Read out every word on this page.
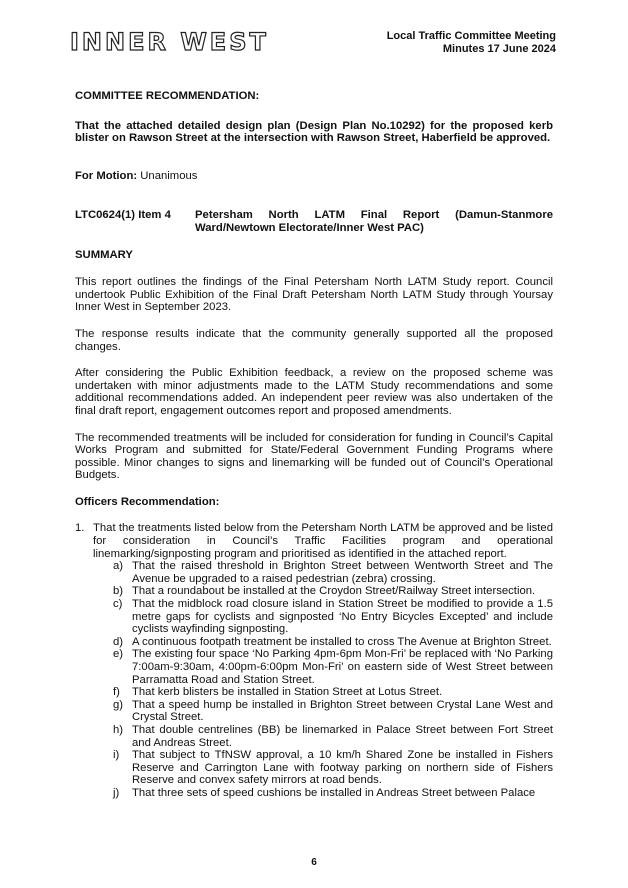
INNER WEST	Local Traffic Committee Meeting
Minutes 17 June 2024

COMMITTEE RECOMMENDATION:

That the attached detailed design plan (Design Plan No.10292) for the proposed kerb blister on Rawson Street at the intersection with Rawson Street, Haberfield be approved.

For Motion: Unanimous

LTC0624(1) Item 4	Petersham North LATM Final Report (Damun-Stanmore
Ward/Newtown Electorate/Inner West PAC)

SUMMARY

This report outlines the findings of the Final Petersham North LATM Study report. Council undertook Public Exhibition of the Final Draft Petersham North LATM Study through Yoursay Inner West in September 2023.

The response results indicate that the community generally supported all the proposed changes.

After considering the Public Exhibition feedback, a review on the proposed scheme was undertaken with minor adjustments made to the LATM Study recommendations and some additional recommendations added. An independent peer review was also undertaken of the final draft report, engagement outcomes report and proposed amendments.

The recommended treatments will be included for consideration for funding in Council’s Capital Works Program and submitted for State/Federal Government Funding Programs where possible. Minor changes to signs and linemarking will be funded out of Council’s Operational Budgets.

Officers Recommendation:

1. That the treatments listed below from the Petersham North LATM be approved and be listed for consideration in Council’s Traffic Facilities program and operational linemarking/signposting program and prioritised as identified in the attached report.
a) That the raised threshold in Brighton Street between Wentworth Street and The Avenue be upgraded to a raised pedestrian (zebra) crossing.
b) That a roundabout be installed at the Croydon Street/Railway Street intersection.
c) That the midblock road closure island in Station Street be modified to provide a 1.5 metre gaps for cyclists and signposted ‘No Entry Bicycles Excepted’ and include cyclists wayfinding signposting.
d) A continuous footpath treatment be installed to cross The Avenue at Brighton Street.
e) The existing four space ‘No Parking 4pm-6pm Mon-Fri’ be replaced with ‘No Parking 7:00am-9:30am, 4:00pm-6:00pm Mon-Fri’ on eastern side of West Street between Parramatta Road and Station Street.
f) That kerb blisters be installed in Station Street at Lotus Street.
g) That a speed hump be installed in Brighton Street between Crystal Lane West and Crystal Street.
h) That double centrelines (BB) be linemarked in Palace Street between Fort Street and Andreas Street.
i) That subject to TfNSW approval, a 10 km/h Shared Zone be installed in Fishers Reserve and Carrington Lane with footway parking on northern side of Fishers Reserve and convex safety mirrors at road bends.
j) That three sets of speed cushions be installed in Andreas Street between Palace
6
